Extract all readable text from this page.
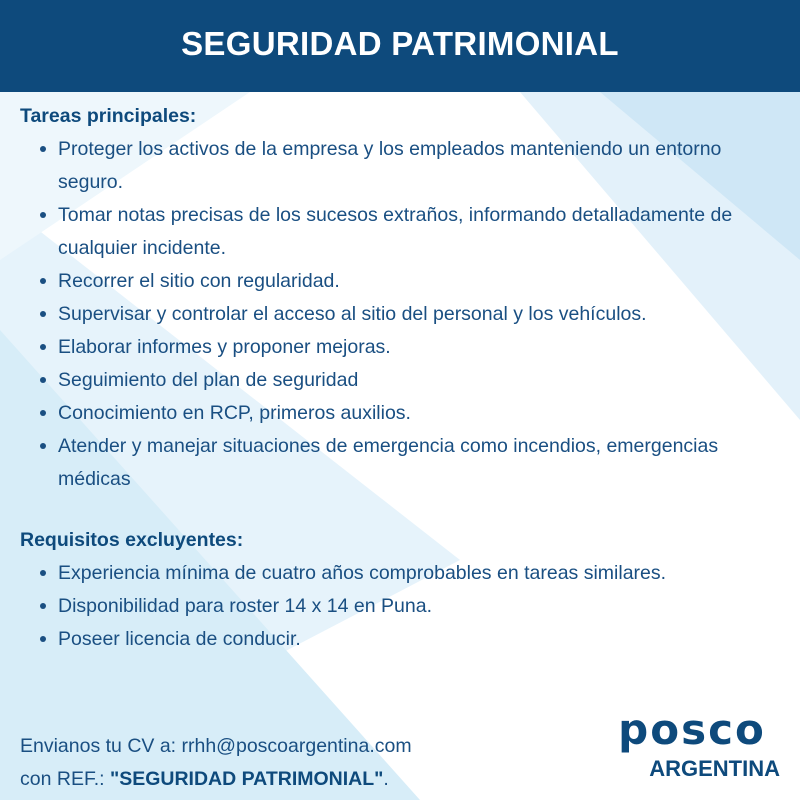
SEGURIDAD PATRIMONIAL

Tareas principales:

Proteger los activos de la empresa y los empleados manteniendo un entorno seguro.
Tomar notas precisas de los sucesos extraños, informando detalladamente de cualquier incidente.
Recorrer el sitio con regularidad.
Supervisar y controlar el acceso al sitio del personal y los vehículos.
Elaborar informes y proponer mejoras.
Seguimiento del plan de seguridad
Conocimiento en RCP, primeros auxilios.
Atender y manejar situaciones de emergencia como incendios, emergencias médicas

Requisitos excluyentes:

Experiencia mínima de cuatro años comprobables en tareas similares.
Disponibilidad para roster 14 x 14 en Puna.
Poseer licencia de conducir.
Envianos tu CV a: rrhh@poscoargentina.com
con REF.: "SEGURIDAD PATRIMONIAL".
posco
ARGENTINA
